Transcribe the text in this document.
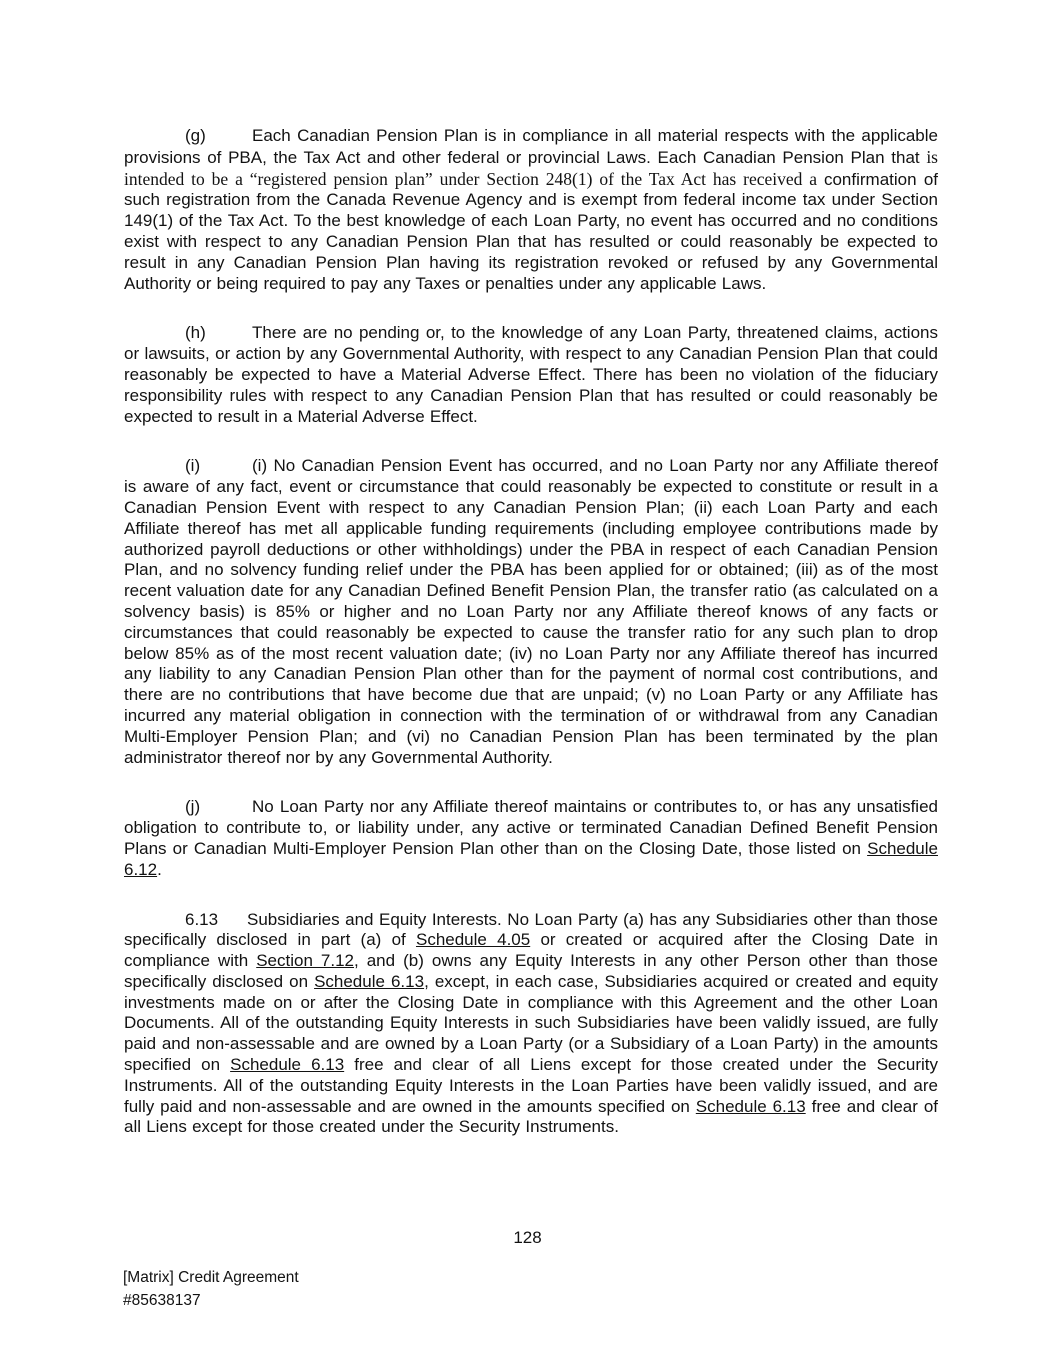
(g)	Each Canadian Pension Plan is in compliance in all material respects with the applicable provisions of PBA, the Tax Act and other federal or provincial Laws. Each Canadian Pension Plan that is intended to be a “registered pension plan” under Section 248(1) of the Tax Act has received a confirmation of such registration from the Canada Revenue Agency and is exempt from federal income tax under Section 149(1) of the Tax Act. To the best knowledge of each Loan Party, no event has occurred and no conditions exist with respect to any Canadian Pension Plan that has resulted or could reasonably be expected to result in any Canadian Pension Plan having its registration revoked or refused by any Governmental Authority or being required to pay any Taxes or penalties under any applicable Laws.

(h)	There are no pending or, to the knowledge of any Loan Party, threatened claims, actions or lawsuits, or action by any Governmental Authority, with respect to any Canadian Pension Plan that could reasonably be expected to have a Material Adverse Effect. There has been no violation of the fiduciary responsibility rules with respect to any Canadian Pension Plan that has resulted or could reasonably be expected to result in a Material Adverse Effect.

(i)	(i) No Canadian Pension Event has occurred, and no Loan Party nor any Affiliate thereof is aware of any fact, event or circumstance that could reasonably be expected to constitute or result in a Canadian Pension Event with respect to any Canadian Pension Plan; (ii) each Loan Party and each Affiliate thereof has met all applicable funding requirements (including employee contributions made by authorized payroll deductions or other withholdings) under the PBA in respect of each Canadian Pension Plan, and no solvency funding relief under the PBA has been applied for or obtained; (iii) as of the most recent valuation date for any Canadian Defined Benefit Pension Plan, the transfer ratio (as calculated on a solvency basis) is 85% or higher and no Loan Party nor any Affiliate thereof knows of any facts or circumstances that could reasonably be expected to cause the transfer ratio for any such plan to drop below 85% as of the most recent valuation date; (iv) no Loan Party nor any Affiliate thereof has incurred any liability to any Canadian Pension Plan other than for the payment of normal cost contributions, and there are no contributions that have become due that are unpaid; (v) no Loan Party or any Affiliate has incurred any material obligation in connection with the termination of or withdrawal from any Canadian Multi-Employer Pension Plan; and (vi) no Canadian Pension Plan has been terminated by the plan administrator thereof nor by any Governmental Authority.

(j)	No Loan Party nor any Affiliate thereof maintains or contributes to, or has any unsatisfied obligation to contribute to, or liability under, any active or terminated Canadian Defined Benefit Pension Plans or Canadian Multi-Employer Pension Plan other than on the Closing Date, those listed on Schedule 6.12.

6.13 Subsidiaries and Equity Interests. No Loan Party (a) has any Subsidiaries other than those specifically disclosed in part (a) of Schedule 4.05 or created or acquired after the Closing Date in compliance with Section 7.12, and (b) owns any Equity Interests in any other Person other than those specifically disclosed on Schedule 6.13, except, in each case, Subsidiaries acquired or created and equity investments made on or after the Closing Date in compliance with this Agreement and the other Loan Documents. All of the outstanding Equity Interests in such Subsidiaries have been validly issued, are fully paid and non-assessable and are owned by a Loan Party (or a Subsidiary of a Loan Party) in the amounts specified on Schedule 6.13 free and clear of all Liens except for those created under the Security Instruments. All of the outstanding Equity Interests in the Loan Parties have been validly issued, and are fully paid and non-assessable and are owned in the amounts specified on Schedule 6.13 free and clear of all Liens except for those created under the Security Instruments.

128
[Matrix] Credit Agreement
#85638137
